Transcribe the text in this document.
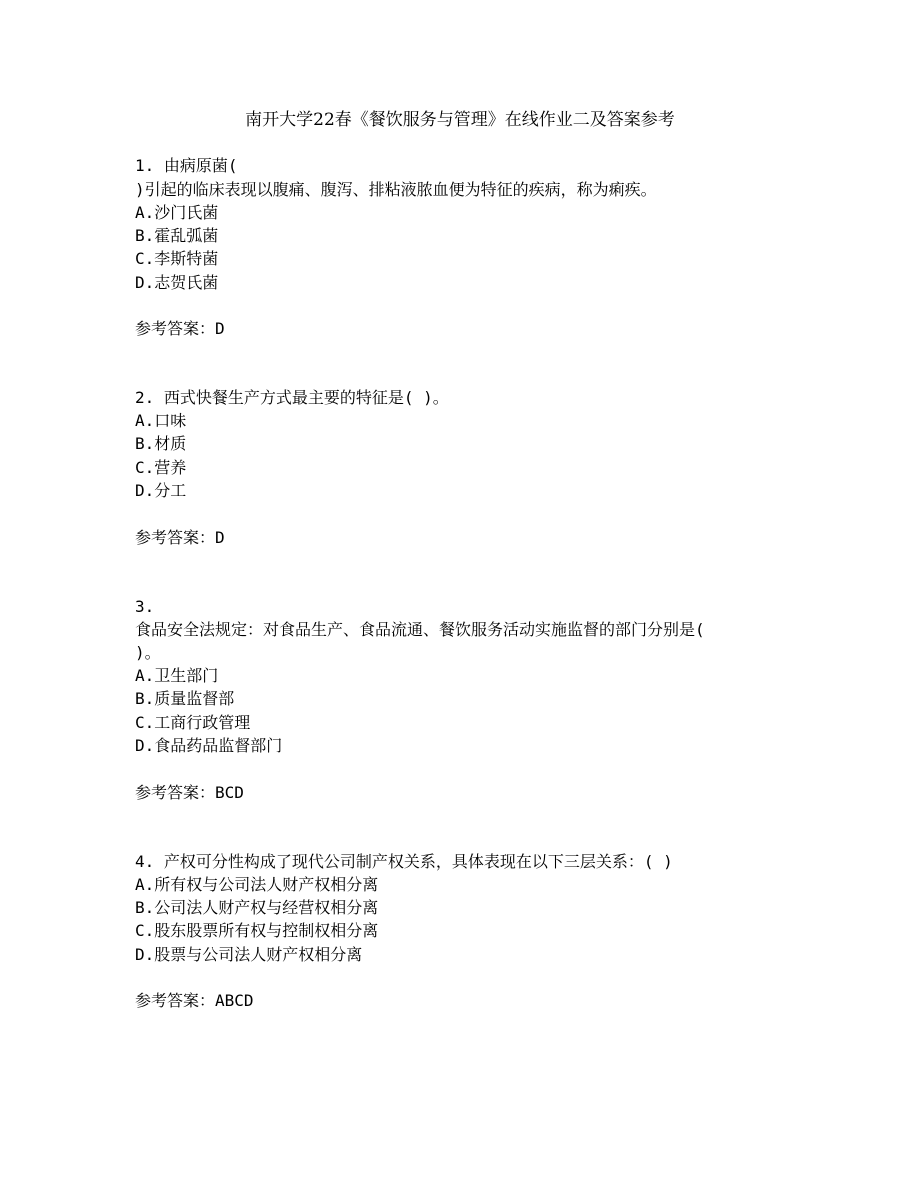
南开大学22春《餐饮服务与管理》在线作业二及答案参考
1. 由病原菌(
)引起的临床表现以腹痛、腹泻、排粘液脓血便为特征的疾病，称为痢疾。
A.沙门氏菌
B.霍乱弧菌
C.李斯特菌
D.志贺氏菌
参考答案：D
2. 西式快餐生产方式最主要的特征是( )。
A.口味
B.材质
C.营养
D.分工
参考答案：D
3.
食品安全法规定：对食品生产、食品流通、餐饮服务活动实施监督的部门分别是(
)。
A.卫生部门
B.质量监督部
C.工商行政管理
D.食品药品监督部门
参考答案：BCD
4. 产权可分性构成了现代公司制产权关系，具体表现在以下三层关系：( )
A.所有权与公司法人财产权相分离
B.公司法人财产权与经营权相分离
C.股东股票所有权与控制权相分离
D.股票与公司法人财产权相分离
参考答案：ABCD
